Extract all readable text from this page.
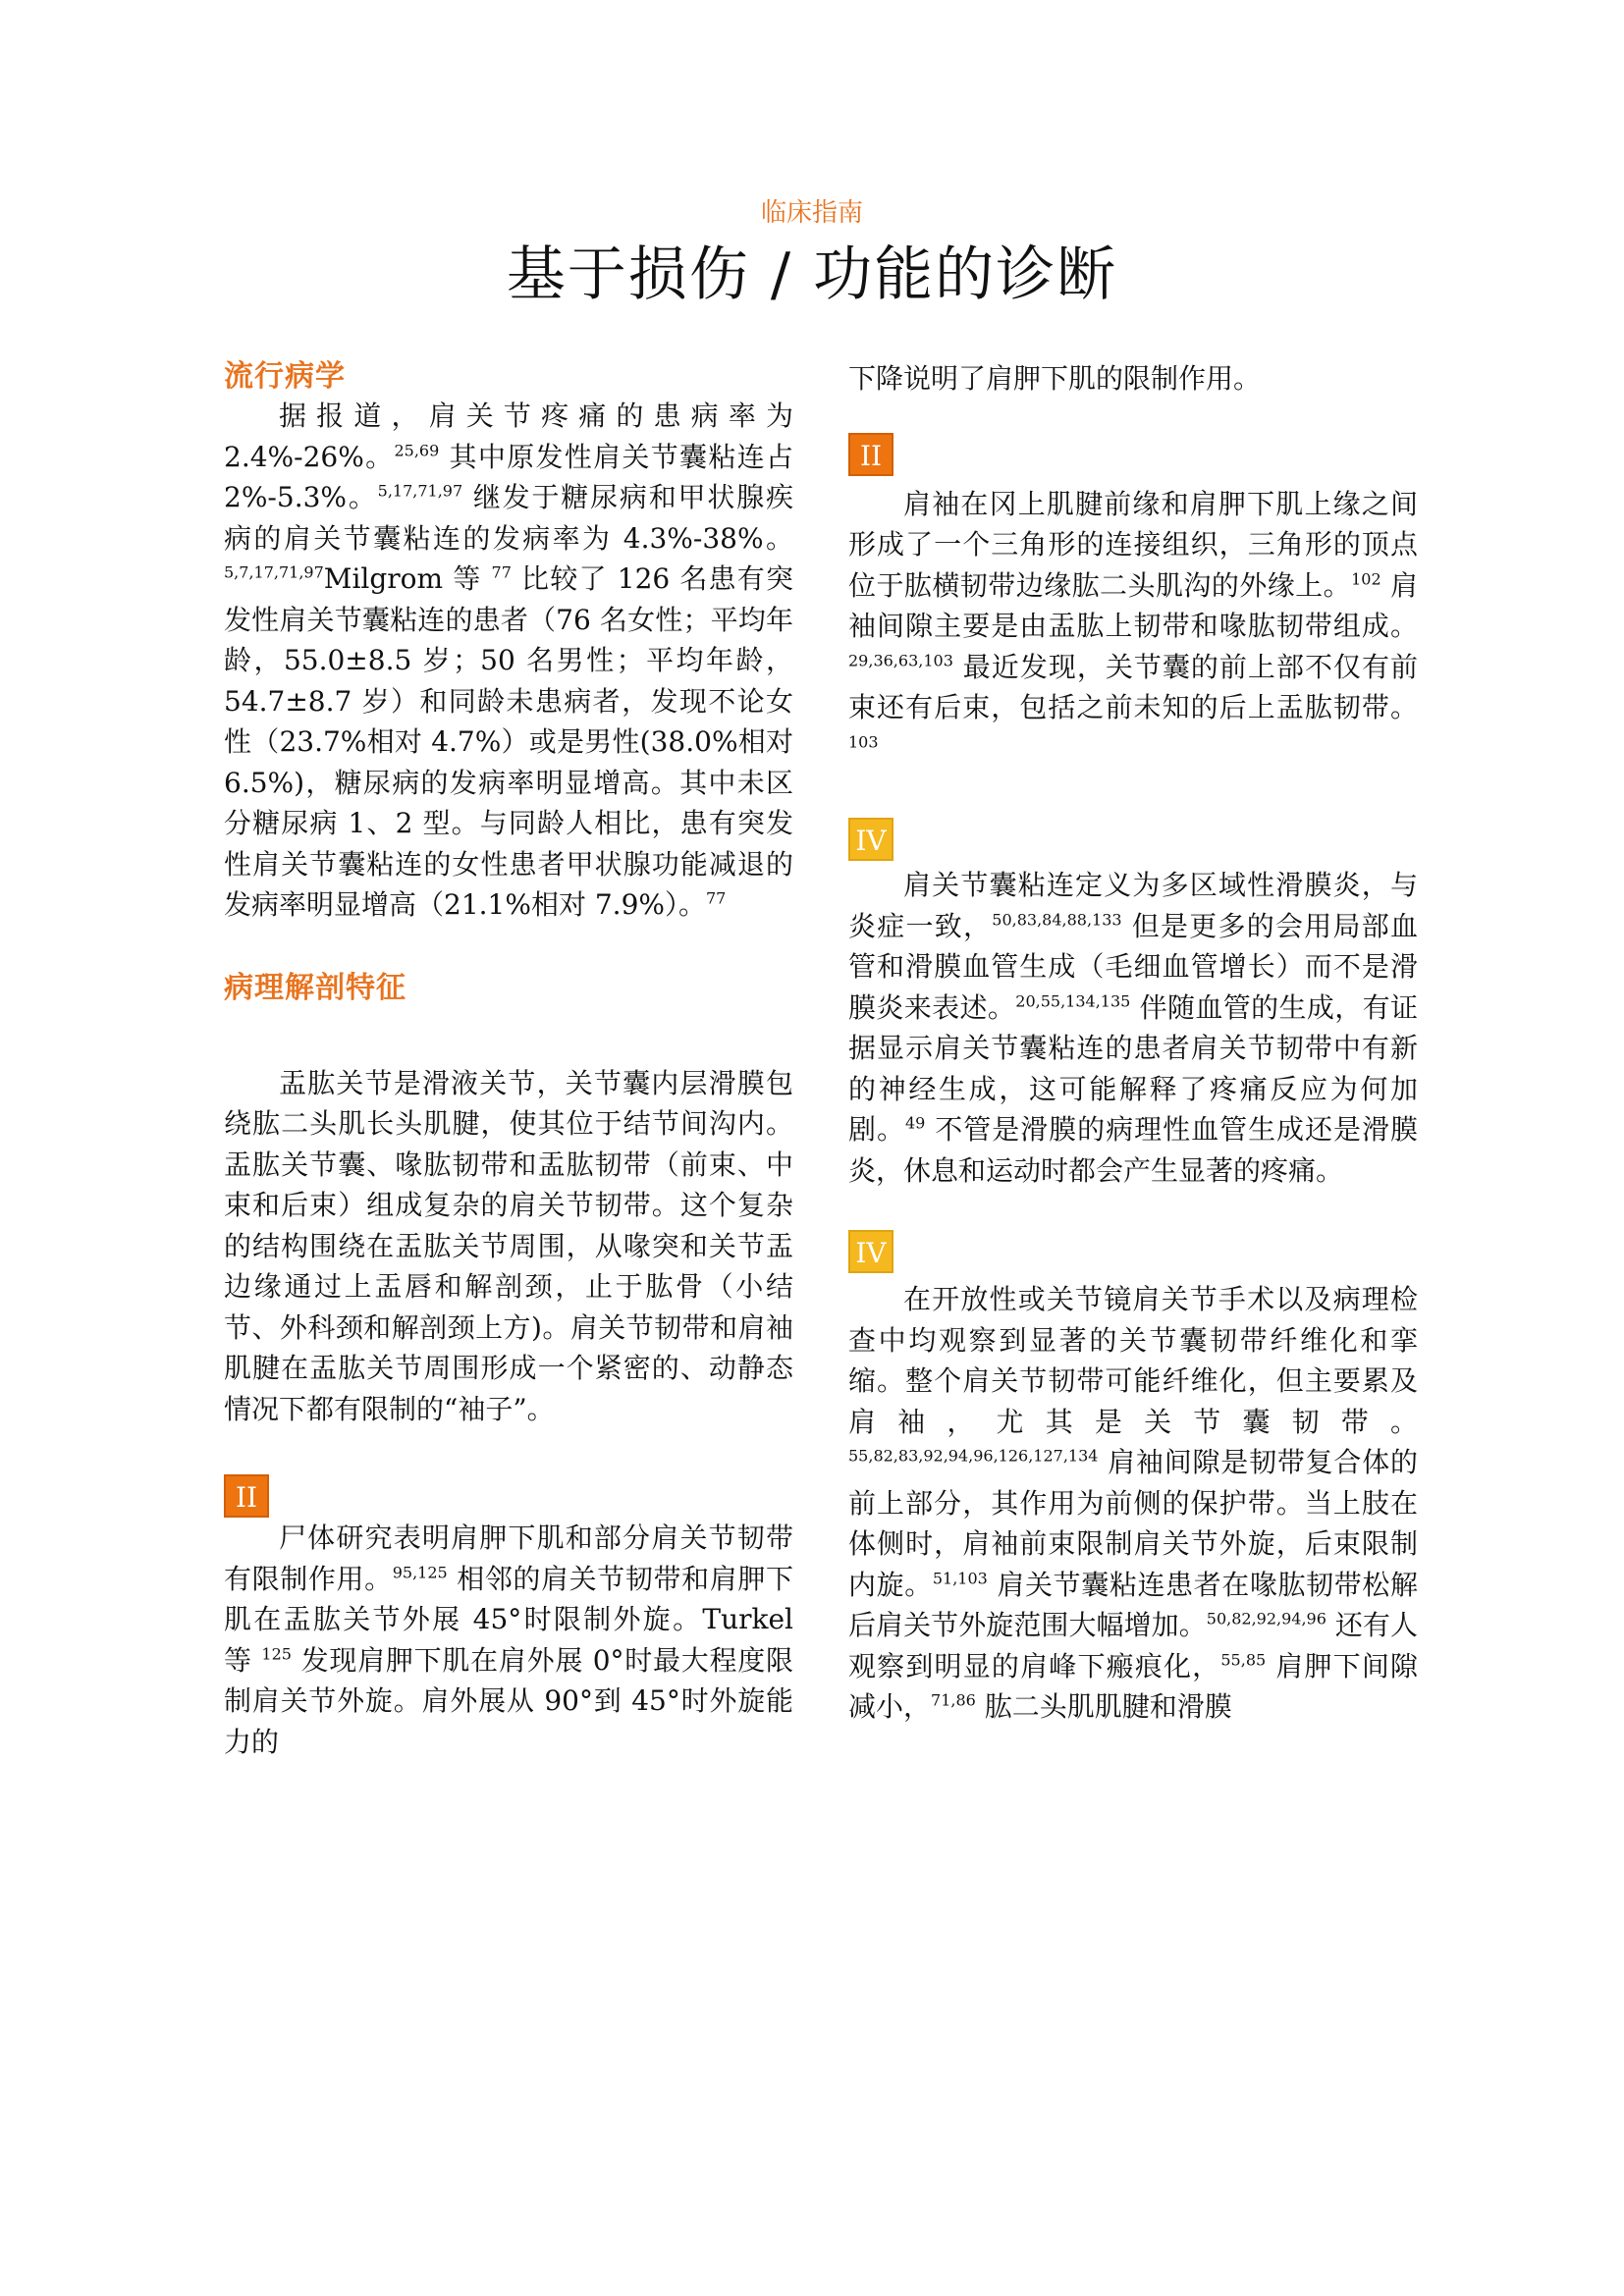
临床指南
基于损伤 / 功能的诊断
流行病学

据报道，肩关节疼痛的患病率为 2.4%-26%。$^{25,69}$ 其中原发性肩关节囊粘连占 2%-5.3%。$^{5,17,71,97}$ 继发于糖尿病和甲状腺疾病的肩关节囊粘连的发病率为 4.3%-38%。$^{5,7,17,71,97}$Milgrom 等 $^{77}$ 比较了 126 名患有突发性肩关节囊粘连的患者（76 名女性；平均年龄，55.0±8.5 岁；50 名男性；平均年龄，54.7±8.7 岁）和同龄未患病者，发现不论女性（23.7%相对 4.7%）或是男性(38.0%相对 6.5%)，糖尿病的发病率明显增高。其中未区分糖尿病 1、2 型。与同龄人相比，患有突发性肩关节囊粘连的女性患者甲状腺功能减退的发病率明显增高（21.1%相对 7.9%）。$^{77}$

病理解剖特征

盂肱关节是滑液关节，关节囊内层滑膜包绕肱二头肌长头肌腱，使其位于结节间沟内。盂肱关节囊、喙肱韧带和盂肱韧带（前束、中束和后束）组成复杂的肩关节韧带。这个复杂的结构围绕在盂肱关节周围，从喙突和关节盂边缘通过上盂唇和解剖颈，止于肱骨（小结节、外科颈和解剖颈上方)。肩关节韧带和肩袖肌腱在盂肱关节周围形成一个紧密的、动静态情况下都有限制的“袖子”。

II

尸体研究表明肩胛下肌和部分肩关节韧带有限制作用。$^{95,125}$ 相邻的肩关节韧带和肩胛下肌在盂肱关节外展 45°时限制外旋。Turkel 等 $^{125}$ 发现肩胛下肌在肩外展 0°时最大程度限制肩关节外旋。肩外展从 90°到 45°时外旋能力的

下降说明了肩胛下肌的限制作用。

II

肩袖在冈上肌腱前缘和肩胛下肌上缘之间形成了一个三角形的连接组织，三角形的顶点位于肱横韧带边缘肱二头肌沟的外缘上。$^{102}$ 肩袖间隙主要是由盂肱上韧带和喙肱韧带组成。$^{29,36,63,103}$ 最近发现，关节囊的前上部不仅有前束还有后束，包括之前未知的后上盂肱韧带。$^{103}$

IV

肩关节囊粘连定义为多区域性滑膜炎，与炎症一致，$^{50,83,84,88,133}$ 但是更多的会用局部血管和滑膜血管生成（毛细血管增长）而不是滑膜炎来表述。$^{20,55,134,135}$ 伴随血管的生成，有证据显示肩关节囊粘连的患者肩关节韧带中有新的神经生成，这可能解释了疼痛反应为何加剧。$^{49}$ 不管是滑膜的病理性血管生成还是滑膜炎，休息和运动时都会产生显著的疼痛。

IV

在开放性或关节镜肩关节手术以及病理检查中均观察到显著的关节囊韧带纤维化和挛缩。整个肩关节韧带可能纤维化，但主要累及肩袖，尤其是关节囊韧带。$^{55,82,83,92,94,96,126,127,134}$ 肩袖间隙是韧带复合体的前上部分，其作用为前侧的保护带。当上肢在体侧时，肩袖前束限制肩关节外旋，后束限制内旋。$^{51,103}$ 肩关节囊粘连患者在喙肱韧带松解后肩关节外旋范围大幅增加。$^{50,82,92,94,96}$ 还有人观察到明显的肩峰下瘢痕化，$^{55,85}$ 肩胛下间隙减小，$^{71,86}$ 肱二头肌肌腱和滑膜
